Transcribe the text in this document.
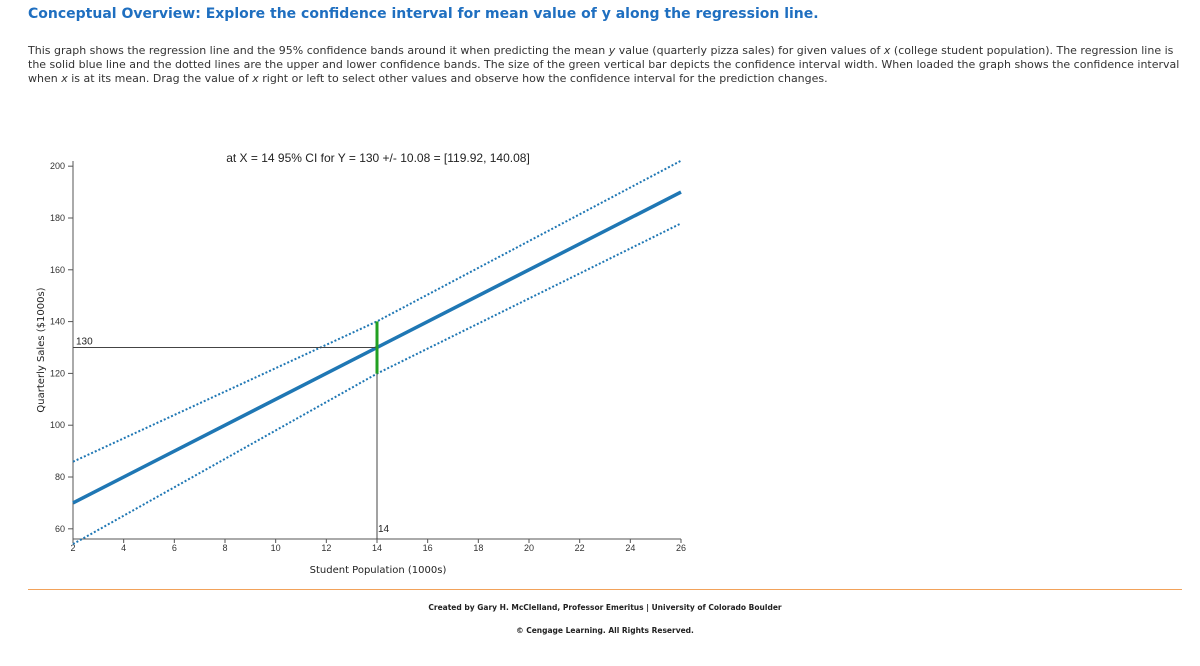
Conceptual Overview: Explore the confidence interval for mean value of y along the regression line.
This graph shows the regression line and the 95% confidence bands around it when predicting the mean y value (quarterly pizza sales) for given values of x (college student population). The regression line is the solid blue line and the dotted lines are the upper and lower confidence bands. The size of the green vertical bar depicts the confidence interval width. When loaded the graph shows the confidence interval when x is at its mean. Drag the value of x right or left to select other values and observe how the confidence interval for the prediction changes.
2	4	6	8	10	12	14	16	18	20	22	24	26
60
80
100
120
140
160
180
200
Student Population (1000s)
Quarterly Sales ($1000s)	130
14
at X = 14 95% CI for Y = 130 +/- 10.08 = [119.92, 140.08]
Created by Gary H. McClelland, Professor Emeritus | University of Colorado Boulder
© Cengage Learning. All Rights Reserved.
